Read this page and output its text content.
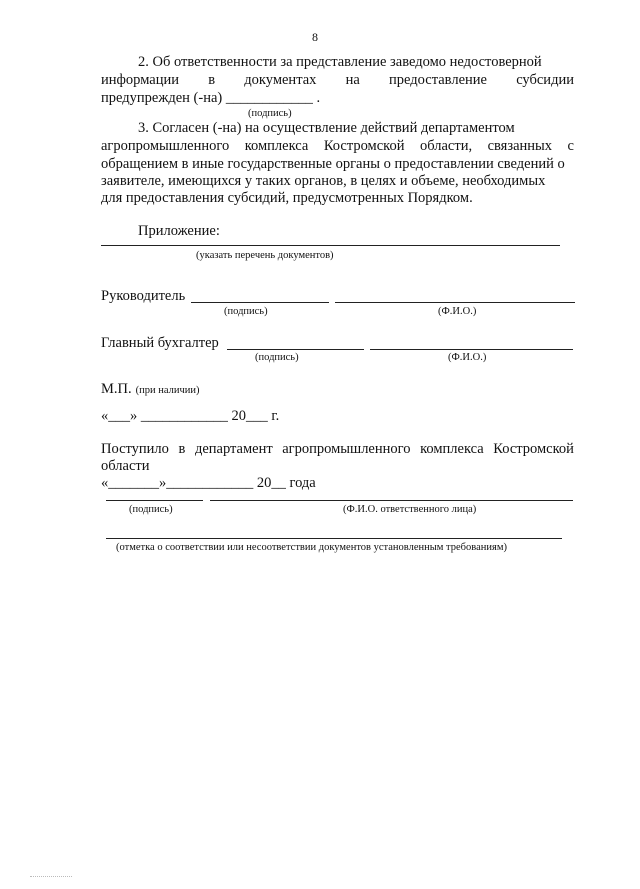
8
2. Об ответственности за представление заведомо недостоверной
информации в документах на предоставление субсидии
предупрежден (-на) ____________ .
(подпись)
3. Согласен (-на) на осуществление действий департаментом
агропромышленного комплекса Костромской области, связанных с
обращением в иные государственные органы о предоставлении сведений о
заявителе, имеющихся у таких органов, в целях и объеме, необходимых
для предоставления субсидий, предусмотренных Порядком.
Приложение:
(указать перечень документов)
Руководитель
(подпись)	(Ф.И.О.)
Главный бухгалтер
(подпись)	(Ф.И.О.)
М.П. (при наличии)
«___» ____________ 20___ г.
Поступило в департамент агропромышленного комплекса Костромской
области
«_______»____________ 20__ года
(подпись)	(Ф.И.О. ответственного лица)
(отметка о соответствии или несоответствии документов установленным требованиям)
